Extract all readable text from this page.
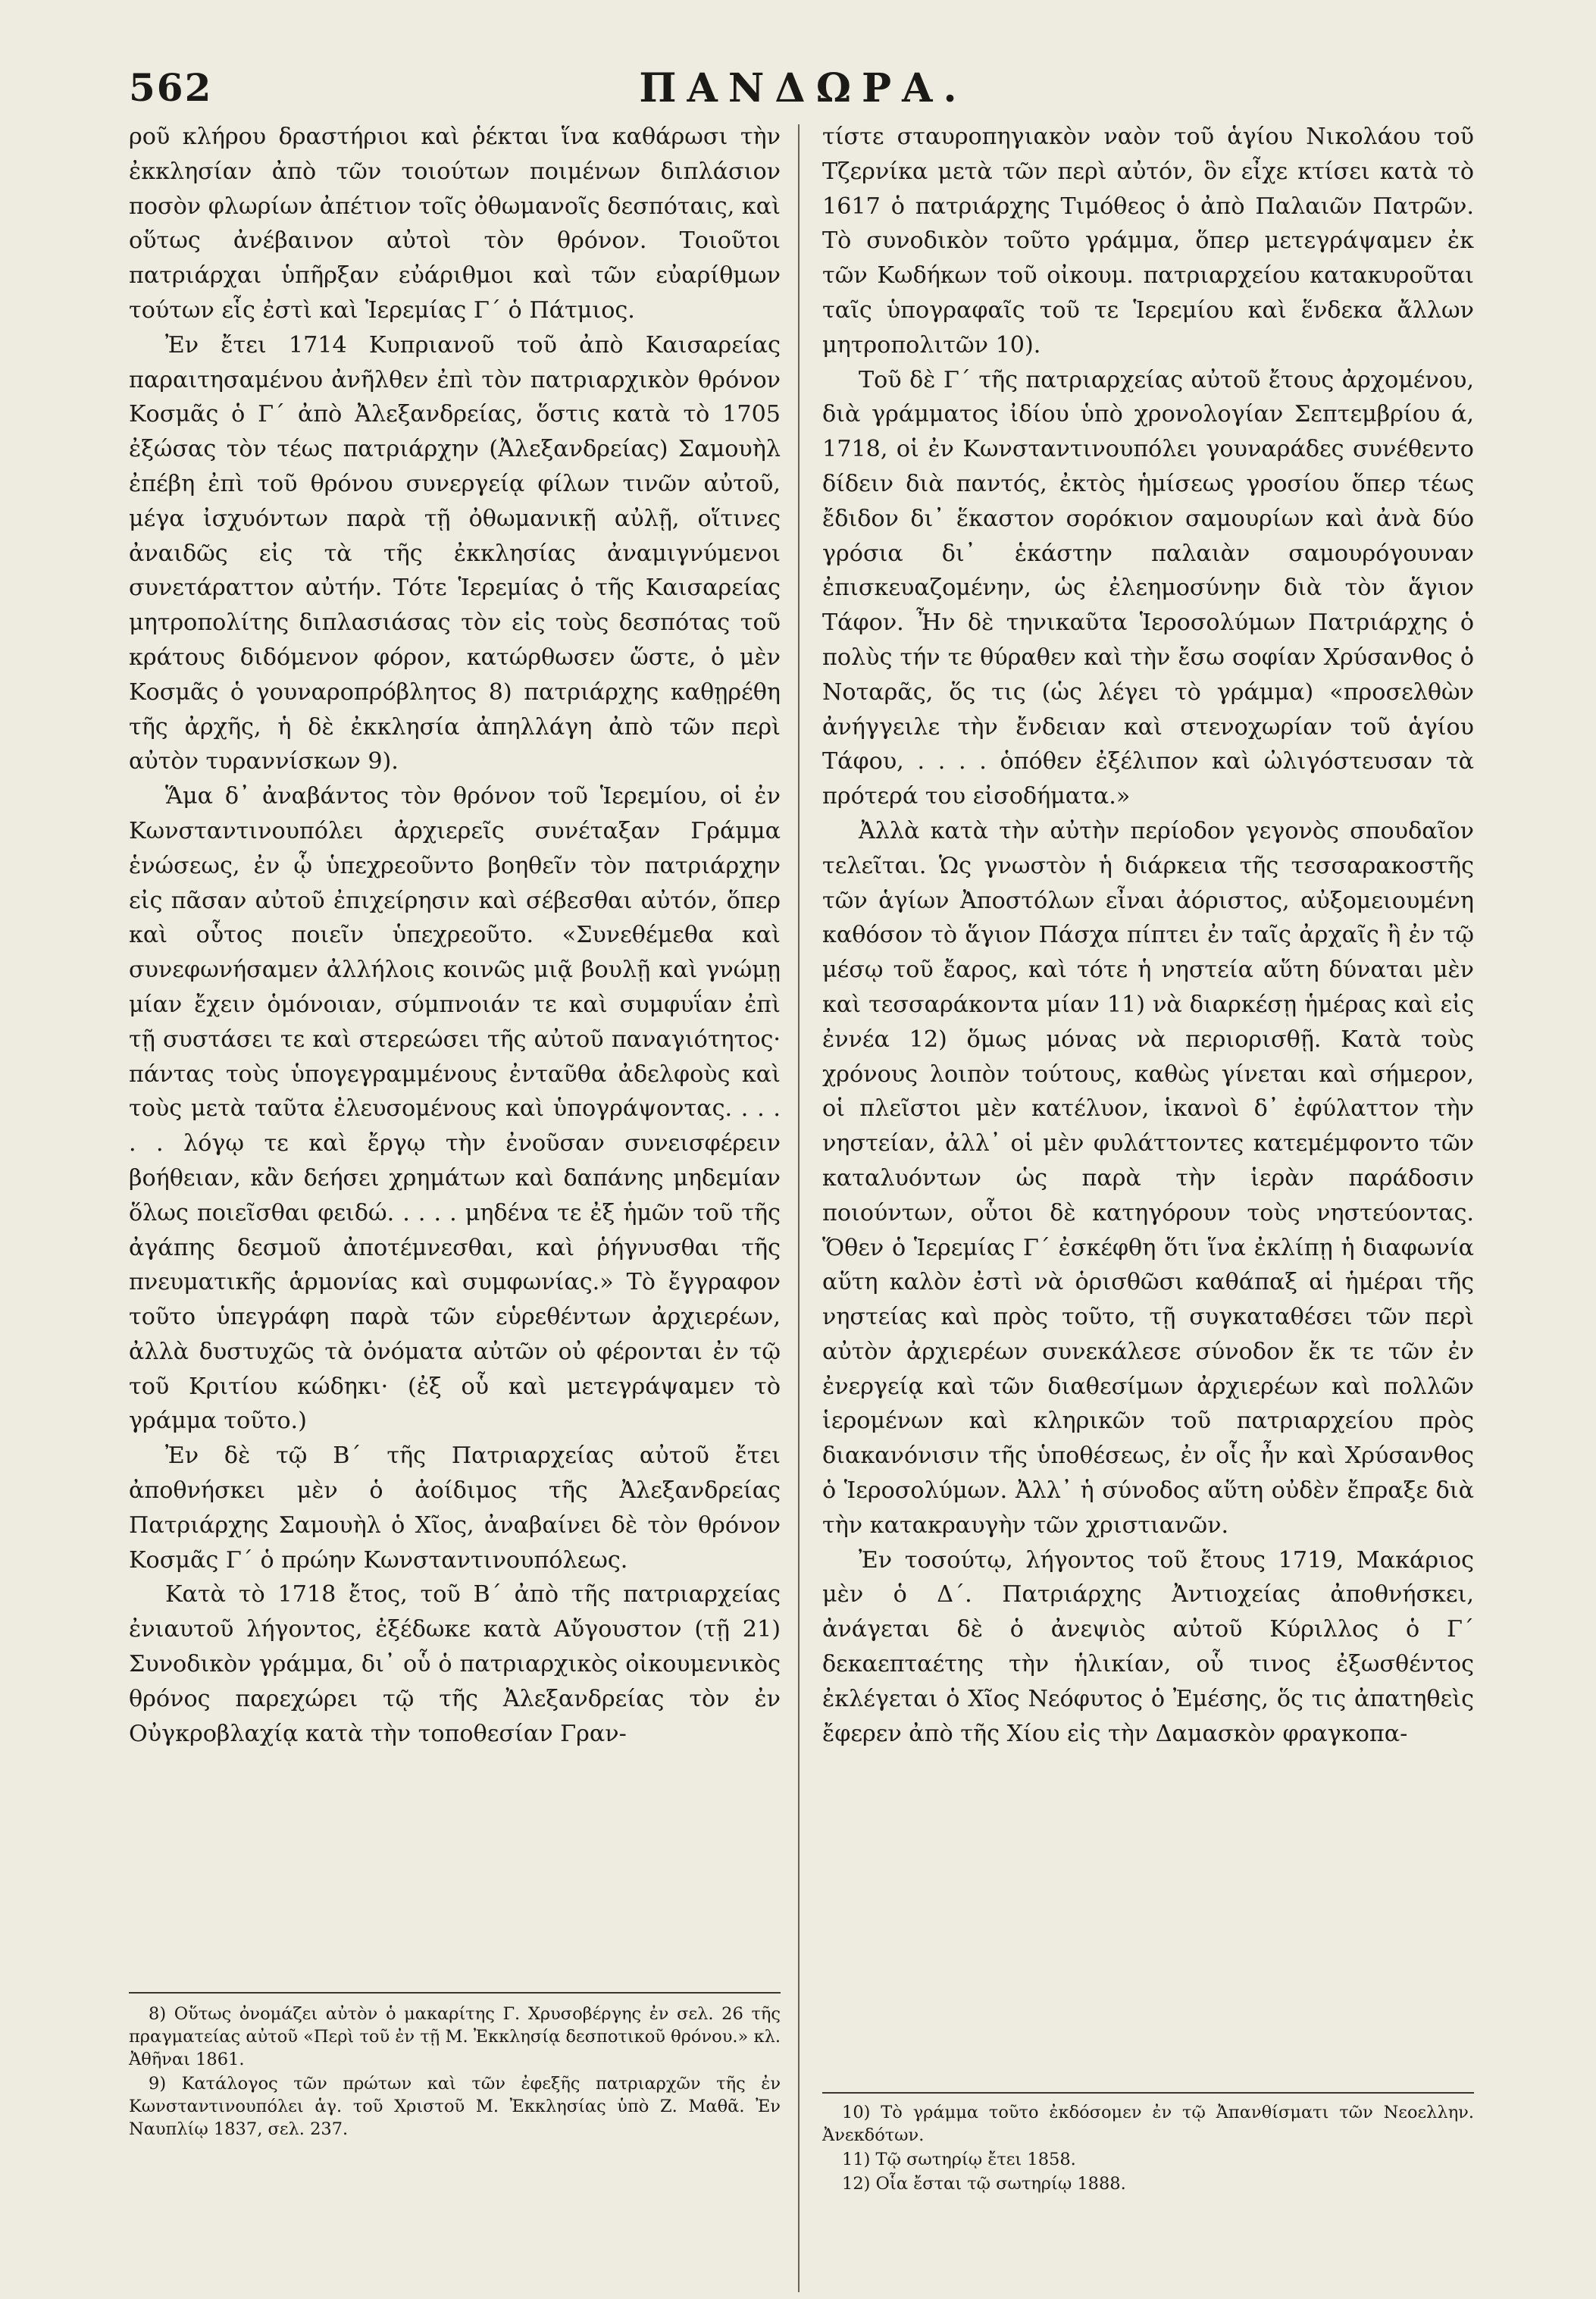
562	ΠΑΝΔΩΡΑ.

ροῦ κλήρου δραστήριοι καὶ ῥέκται ἵνα καθάρωσι τὴν ἐκκλησίαν ἀπὸ τῶν τοιούτων ποιμένων διπλάσιον ποσὸν φλωρίων ἀπέτιον τοῖς ὀθωμανοῖς δεσπόταις, καὶ οὕτως ἀνέβαινον αὐτοὶ τὸν θρόνον. Τοιοῦτοι πατριάρχαι ὑπῆρξαν εὐάριθμοι καὶ τῶν εὐαρίθμων τούτων εἷς ἐστὶ καὶ Ἱερεμίας Γ΄ ὁ Πάτμιος.

Ἐν ἔτει 1714 Κυπριανοῦ τοῦ ἀπὸ Καισαρείας παραιτησαμένου ἀνῆλθεν ἐπὶ τὸν πατριαρχικὸν θρόνον Κοσμᾶς ὁ Γ΄ ἀπὸ Ἀλεξανδρείας, ὅστις κατὰ τὸ 1705 ἐξώσας τὸν τέως πατριάρχην (Ἀλεξανδρείας) Σαμουὴλ ἐπέβη ἐπὶ τοῦ θρόνου συνεργείᾳ φίλων τινῶν αὐτοῦ, μέγα ἰσχυόντων παρὰ τῇ ὀθωμανικῇ αὐλῇ, οἵτινες ἀναιδῶς εἰς τὰ τῆς ἐκκλησίας ἀναμιγνύμενοι συνετάραττον αὐτήν. Τότε Ἱερεμίας ὁ τῆς Καισαρείας μητροπολίτης διπλασιάσας τὸν εἰς τοὺς δεσπότας τοῦ κράτους διδόμενον φόρον, κατώρθωσεν ὥστε, ὁ μὲν Κοσμᾶς ὁ γουναροπρόβλητος 8) πατριάρχης καθῃρέθη τῆς ἀρχῆς, ἡ δὲ ἐκκλησία ἀπηλλάγη ἀπὸ τῶν περὶ αὐτὸν τυραννίσκων 9).

Ἅμα δ᾽ ἀναβάντος τὸν θρόνον τοῦ Ἱερεμίου, οἱ ἐν Κωνσταντινουπόλει ἀρχιερεῖς συνέταξαν Γράμμα ἑνώσεως, ἐν ᾧ ὑπεχρεοῦντο βοηθεῖν τὸν πατριάρχην εἰς πᾶσαν αὐτοῦ ἐπιχείρησιν καὶ σέβεσθαι αὐτόν, ὅπερ καὶ οὗτος ποιεῖν ὑπεχρεοῦτο. «Συνεθέμεθα καὶ συνεφωνήσαμεν ἀλλήλοις κοινῶς μιᾷ βουλῇ καὶ γνώμῃ μίαν ἔχειν ὁμόνοιαν, σύμπνοιάν τε καὶ συμφυΐαν ἐπὶ τῇ συστάσει τε καὶ στερεώσει τῆς αὐτοῦ παναγιότητος· πάντας τοὺς ὑπογεγραμμένους ἐνταῦθα ἀδελφοὺς καὶ τοὺς μετὰ ταῦτα ἐλευσομένους καὶ ὑπογράψοντας. . . . . . λόγῳ τε καὶ ἔργῳ τὴν ἐνοῦσαν συνεισφέρειν βοήθειαν, κἂν δεήσει χρημάτων καὶ δαπάνης μηδεμίαν ὅλως ποιεῖσθαι φειδώ. . . . . μηδένα τε ἐξ ἡμῶν τοῦ τῆς ἀγάπης δεσμοῦ ἀποτέμνεσθαι, καὶ ῥήγνυσθαι τῆς πνευματικῆς ἁρμονίας καὶ συμφωνίας.» Τὸ ἔγγραφον τοῦτο ὑπεγράφη παρὰ τῶν εὑρεθέντων ἀρχιερέων, ἀλλὰ δυστυχῶς τὰ ὀνόματα αὐτῶν οὐ φέρονται ἐν τῷ τοῦ Κριτίου κώδηκι· (ἐξ οὗ καὶ μετεγράψαμεν τὸ γράμμα τοῦτο.)

Ἐν δὲ τῷ Β΄ τῆς Πατριαρχείας αὐτοῦ ἔτει ἀποθνήσκει μὲν ὁ ἀοίδιμος τῆς Ἀλεξανδρείας Πατριάρχης Σαμουὴλ ὁ Χῖος, ἀναβαίνει δὲ τὸν θρόνον Κοσμᾶς Γ΄ ὁ πρώην Κωνσταντινουπόλεως.

Κατὰ τὸ 1718 ἔτος, τοῦ Β΄ ἀπὸ τῆς πατριαρχείας ἐνιαυτοῦ λήγοντος, ἐξέδωκε κατὰ Αὔγουστον (τῇ 21) Συνοδικὸν γράμμα, δι᾽ οὗ ὁ πατριαρχικὸς οἰκουμενικὸς θρόνος παρεχώρει τῷ τῆς Ἀλεξανδρείας τὸν ἐν Οὐγκροβλαχίᾳ κατὰ τὴν τοποθεσίαν Γραν-

τίστε σταυροπηγιακὸν ναὸν τοῦ ἁγίου Νικολάου τοῦ Τζερνίκα μετὰ τῶν περὶ αὐτόν, ὃν εἶχε κτίσει κατὰ τὸ 1617 ὁ πατριάρχης Τιμόθεος ὁ ἀπὸ Παλαιῶν Πατρῶν. Τὸ συνοδικὸν τοῦτο γράμμα, ὅπερ μετεγράψαμεν ἐκ τῶν Κωδήκων τοῦ οἰκουμ. πατριαρχείου κατακυροῦται ταῖς ὑπογραφαῖς τοῦ τε Ἱερεμίου καὶ ἕνδεκα ἄλλων μητροπολιτῶν 10).

Τοῦ δὲ Γ΄ τῆς πατριαρχείας αὐτοῦ ἔτους ἀρχομένου, διὰ γράμματος ἰδίου ὑπὸ χρονολογίαν Σεπτεμβρίου ά, 1718, οἱ ἐν Κωνσταντινουπόλει γουναράδες συνέθεντο δίδειν διὰ παντός, ἐκτὸς ἡμίσεως γροσίου ὅπερ τέως ἔδιδον δι᾽ ἕκαστον σορόκιον σαμουρίων καὶ ἀνὰ δύο γρόσια δι᾽ ἑκάστην παλαιὰν σαμουρόγουναν ἐπισκευαζομένην, ὡς ἐλεημοσύνην διὰ τὸν ἅγιον Τάφον. Ἦν δὲ τηνικαῦτα Ἱεροσολύμων Πατριάρχης ὁ πολὺς τήν τε θύραθεν καὶ τὴν ἔσω σοφίαν Χρύσανθος ὁ Νοταρᾶς, ὅς τις (ὡς λέγει τὸ γράμμα) «προσελθὼν ἀνήγγειλε τὴν ἔνδειαν καὶ στενοχωρίαν τοῦ ἁγίου Τάφου, . . . . ὁπόθεν ἐξέλιπον καὶ ὠλιγόστευσαν τὰ πρότερά του εἰσοδήματα.»

Ἀλλὰ κατὰ τὴν αὐτὴν περίοδον γεγονὸς σπουδαῖον τελεῖται. Ὡς γνωστὸν ἡ διάρκεια τῆς τεσσαρακοστῆς τῶν ἁγίων Ἀποστόλων εἶναι ἀόριστος, αὐξομειουμένη καθόσον τὸ ἅγιον Πάσχα πίπτει ἐν ταῖς ἀρχαῖς ἢ ἐν τῷ μέσῳ τοῦ ἔαρος, καὶ τότε ἡ νηστεία αὕτη δύναται μὲν καὶ τεσσαράκοντα μίαν 11) νὰ διαρκέσῃ ἡμέρας καὶ εἰς ἐννέα 12) ὅμως μόνας νὰ περιορισθῇ. Κατὰ τοὺς χρόνους λοιπὸν τούτους, καθὼς γίνεται καὶ σήμερον, οἱ πλεῖστοι μὲν κατέλυον, ἱκανοὶ δ᾽ ἐφύλαττον τὴν νηστείαν, ἀλλ᾽ οἱ μὲν φυλάττοντες κατεμέμφοντο τῶν καταλυόντων ὡς παρὰ τὴν ἱερὰν παράδοσιν ποιούντων, οὗτοι δὲ κατηγόρουν τοὺς νηστεύοντας. Ὅθεν ὁ Ἱερεμίας Γ΄ ἐσκέφθη ὅτι ἵνα ἐκλίπῃ ἡ διαφωνία αὕτη καλὸν ἐστὶ νὰ ὁρισθῶσι καθάπαξ αἱ ἡμέραι τῆς νηστείας καὶ πρὸς τοῦτο, τῇ συγκαταθέσει τῶν περὶ αὐτὸν ἀρχιερέων συνεκάλεσε σύνοδον ἔκ τε τῶν ἐν ἐνεργείᾳ καὶ τῶν διαθεσίμων ἀρχιερέων καὶ πολλῶν ἱερομένων καὶ κληρικῶν τοῦ πατριαρχείου πρὸς διακανόνισιν τῆς ὑποθέσεως, ἐν οἷς ἦν καὶ Χρύσανθος ὁ Ἱεροσολύμων. Ἀλλ᾽ ἡ σύνοδος αὕτη οὐδὲν ἔπραξε διὰ τὴν κατακραυγὴν τῶν χριστιανῶν.

Ἐν τοσούτῳ, λήγοντος τοῦ ἔτους 1719, Μακάριος μὲν ὁ Δ΄. Πατριάρχης Ἀντιοχείας ἀποθνήσκει, ἀνάγεται δὲ ὁ ἀνεψιὸς αὐτοῦ Κύριλλος ὁ Γ΄ δεκαεπταέτης τὴν ἡλικίαν, οὗ τινος ἐξωσθέντος ἐκλέγεται ὁ Χῖος Νεόφυτος ὁ Ἐμέσης, ὅς τις ἀπατηθεὶς ἔφερεν ἀπὸ τῆς Χίου εἰς τὴν Δαμασκὸν φραγκοπα-

8) Οὕτως ὀνομάζει αὐτὸν ὁ μακαρίτης Γ. Χρυσοβέργης ἐν σελ. 26 τῆς πραγματείας αὐτοῦ «Περὶ τοῦ ἐν τῇ Μ. Ἐκκλησίᾳ δεσποτικοῦ θρόνου.» κλ. Ἀθῆναι 1861.

9) Κατάλογος τῶν πρώτων καὶ τῶν ἐφεξῆς πατριαρχῶν τῆς ἐν Κωνσταντινουπόλει ἁγ. τοῦ Χριστοῦ Μ. Ἐκκλησίας ὑπὸ Ζ. Μαθᾶ. Ἐν Ναυπλίῳ 1837, σελ. 237.

10) Τὸ γράμμα τοῦτο ἐκδόσομεν ἐν τῷ Ἀπανθίσματι τῶν Νεοελλην. Ἀνεκδότων.

11) Τῷ σωτηρίῳ ἔτει 1858.

12) Οἷα ἔσται τῷ σωτηρίῳ 1888.
